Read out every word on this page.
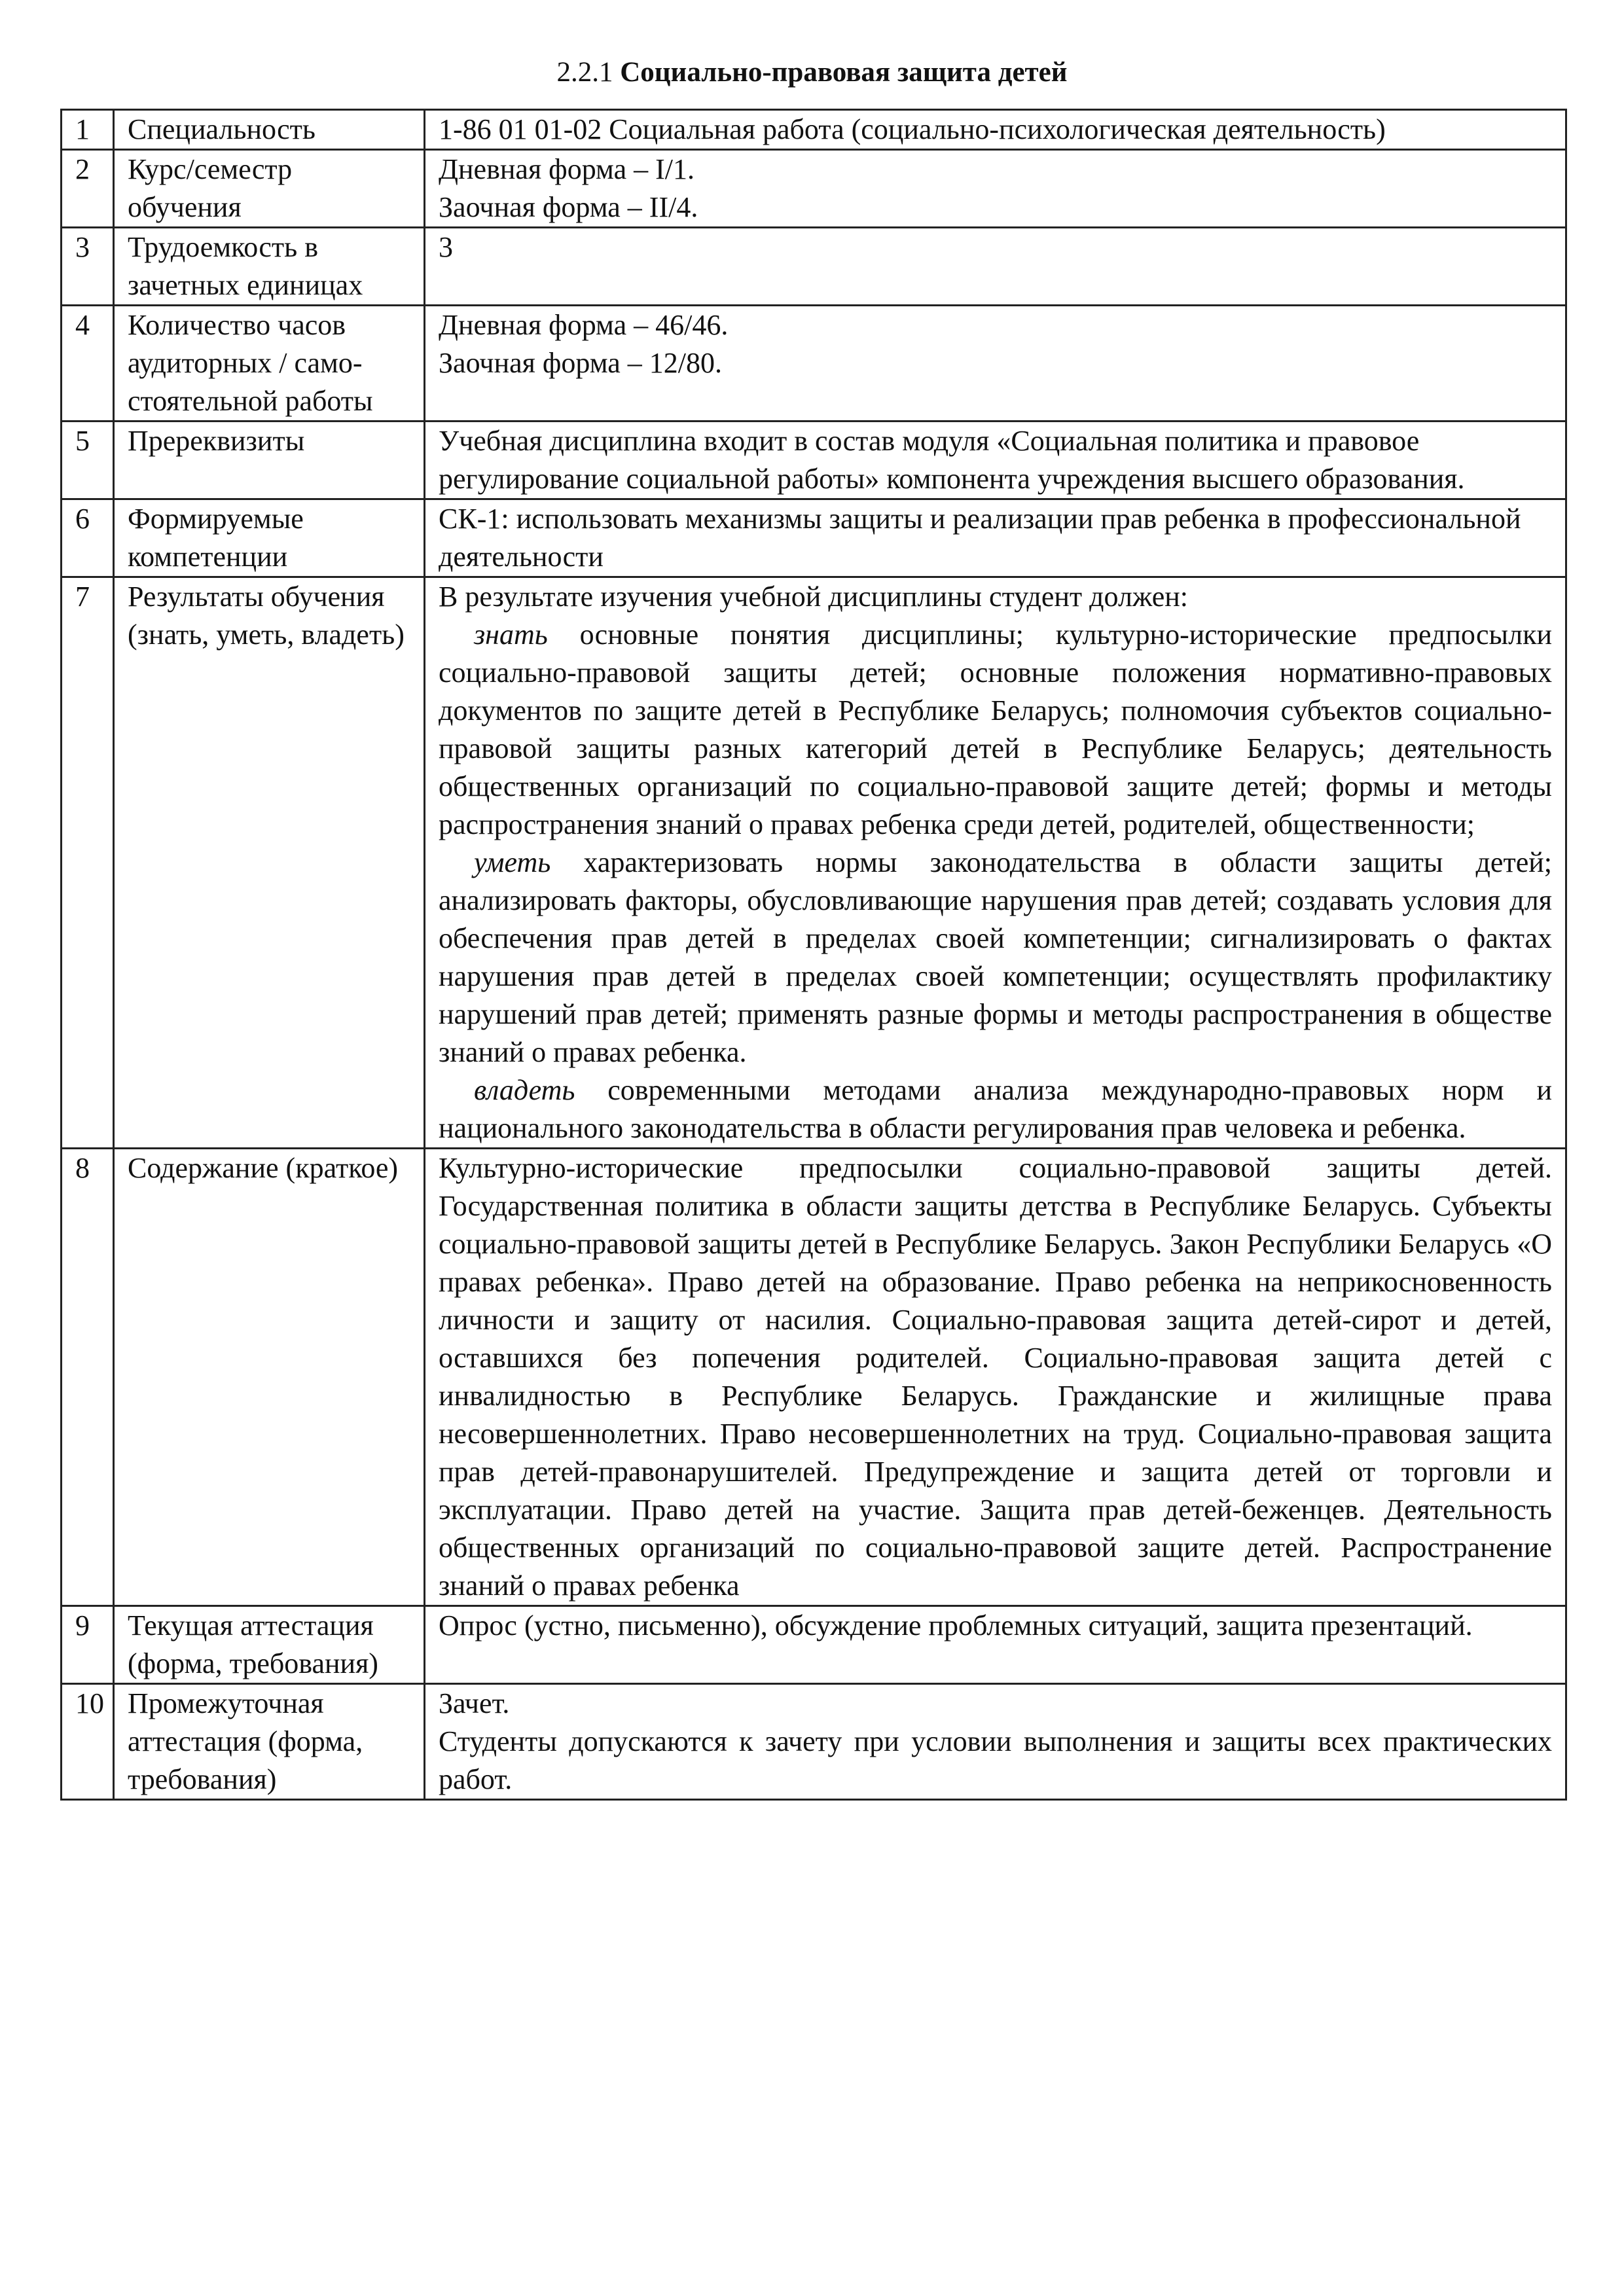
2.2.1 Социально-правовая защита детей
1	Специальность	1-86 01 01-02 Социальная работа (социально-психологическая деятельность)

2	Курс/семестр обучения	Дневная форма – I/1.
Заочная форма – II/4.

3	Трудоемкость в зачетных единицах	3

4	Количество часов аудиторных / само-стоятельной работы	Дневная форма – 46/46.
Заочная форма – 12/80.

5	Пререквизиты	Учебная дисциплина входит в состав модуля «Социальная политика и правовое регулирование социальной работы» компонента учреждения высшего образования.

6	Формируемые компетенции	СК-1: использовать механизмы защиты и реализации прав ребенка в профессиональной деятельности

7	Результаты обучения (знать, уметь, владеть)	В результате изучения учебной дисциплины студент должен:

знать основные понятия дисциплины; культурно-исторические предпосылки социально-правовой защиты детей; основные положения нормативно-правовых документов по защите детей в Республике Беларусь; полномочия субъектов социально-правовой защиты разных категорий детей в Республике Беларусь; деятельность общественных организаций по социально-правовой защите детей; формы и методы распространения знаний о правах ребенка среди детей, родителей, общественности;

уметь характеризовать нормы законодательства в области защиты детей; анализировать факторы, обусловливающие нарушения прав детей; создавать условия для обеспечения прав детей в пределах своей компетенции; сигнализировать о фактах нарушения прав детей в пределах своей компетенции; осуществлять профилактику нарушений прав детей; применять разные формы и методы распространения в обществе знаний о правах ребенка.

владеть современными методами анализа международно-правовых норм и национального законодательства в области регулирования прав человека и ребенка.

8	Содержание (краткое)	Культурно-исторические предпосылки социально-правовой защиты детей. Государственная политика в области защиты детства в Республике Беларусь. Субъекты социально-правовой защиты детей в Республике Беларусь. Закон Республики Беларусь «О правах ребенка». Право детей на образование. Право ребенка на неприкосновенность личности и защиту от насилия. Социально-правовая защита детей-сирот и детей, оставшихся без попечения родителей. Социально-правовая защита детей с инвалидностью в Республике Беларусь. Гражданские и жилищные права несовершеннолетних. Право несовершеннолетних на труд. Социально-правовая защита прав детей-правонарушителей. Предупреждение и защита детей от торговли и эксплуатации. Право детей на участие. Защита прав детей-беженцев. Деятельность общественных организаций по социально-правовой защите детей. Распространение знаний о правах ребенка

9	Текущая аттестация (форма, требования)	Опрос (устно, письменно), обсуждение проблемных ситуаций, защита презентаций.

10	Промежуточная аттестация (форма, требования)	Зачет.

Студенты допускаются к зачету при условии выполнения и защиты всех практических работ.
